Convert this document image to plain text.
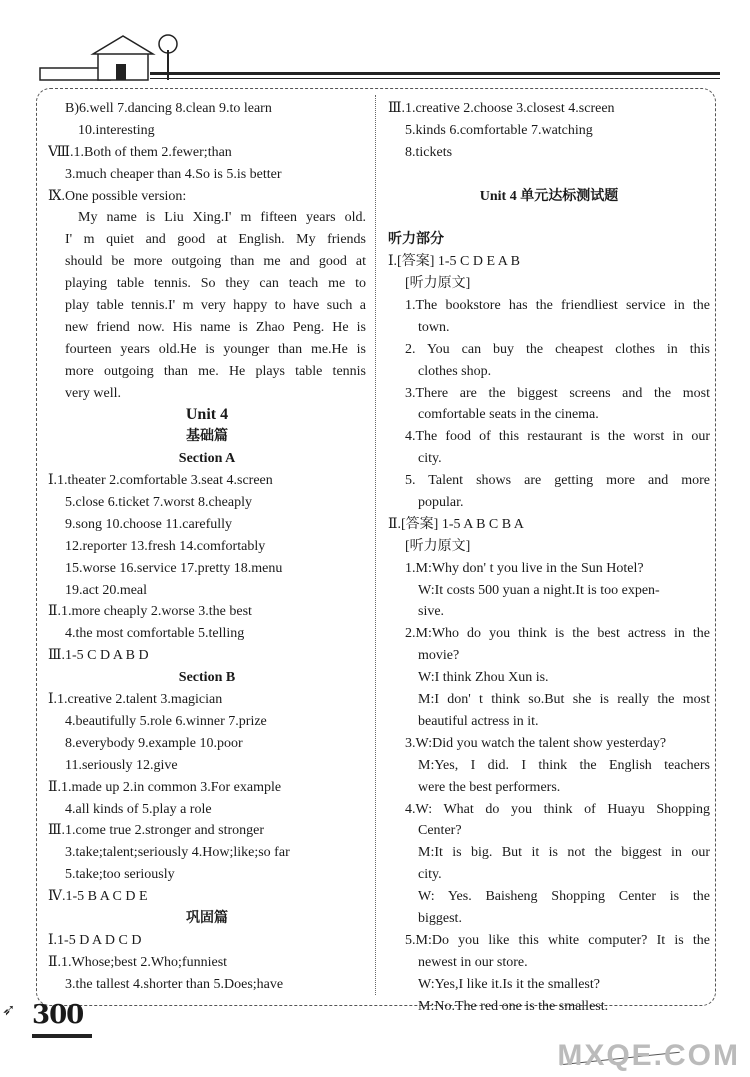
B)6.well 7.dancing 8.clean 9.to learn
10.interesting
Ⅷ.1.Both of them 2.fewer;than
3.much cheaper than 4.So is 5.is better
Ⅸ.One possible version:
My name is Liu Xing.I' m fifteen years old.
I' m quiet and good at English. My friends
should be more outgoing than me and good at
playing table tennis. So they can teach me to
play table tennis.I' m very happy to have such a
new friend now. His name is Zhao Peng. He is
fourteen years old.He is younger than me.He is
more outgoing than me. He plays table tennis
very well.
Unit 4
基础篇
Section A
Ⅰ.1.theater 2.comfortable 3.seat 4.screen
5.close 6.ticket 7.worst 8.cheaply
9.song 10.choose 11.carefully
12.reporter 13.fresh 14.comfortably
15.worse 16.service 17.pretty 18.menu
19.act 20.meal
Ⅱ.1.more cheaply 2.worse 3.the best
4.the most comfortable 5.telling
Ⅲ.1-5 C D A B D
Section B
Ⅰ.1.creative 2.talent 3.magician
4.beautifully 5.role 6.winner 7.prize
8.everybody 9.example 10.poor
11.seriously 12.give
Ⅱ.1.made up 2.in common 3.For example
4.all kinds of 5.play a role
Ⅲ.1.come true 2.stronger and stronger
3.take;talent;seriously 4.How;like;so far
5.take;too seriously
Ⅳ.1-5 B A C D E
巩固篇
Ⅰ.1-5 D A D C D
Ⅱ.1.Whose;best 2.Who;funniest
3.the tallest 4.shorter than 5.Does;have
Ⅲ.1.creative 2.choose 3.closest 4.screen
5.kinds 6.comfortable 7.watching
8.tickets
Unit 4 单元达标测试题
听力部分
Ⅰ.[答案] 1-5 C D E A B
[听力原文]
1.The bookstore has the friendliest service in the
town.
2. You can buy the cheapest clothes in this
clothes shop.
3.There are the biggest screens and the most
comfortable seats in the cinema.
4.The food of this restaurant is the worst in our
city.
5. Talent shows are getting more and more
popular.
Ⅱ.[答案] 1-5 A B C B A
[听力原文]
1.M:Why don' t you live in the Sun Hotel?
W:It costs 500 yuan a night.It is too expen-
sive.
2.M:Who do you think is the best actress in the
movie?
W:I think Zhou Xun is.
M:I don' t think so.But she is really the most
beautiful actress in it.
3.W:Did you watch the talent show yesterday?
M:Yes, I did. I think the English teachers
were the best performers.
4.W: What do you think of Huayu Shopping
Center?
M:It is big. But it is not the biggest in our
city.
W: Yes. Baisheng Shopping Center is the
biggest.
5.M:Do you like this white computer? It is the
newest in our store.
W:Yes,I like it.Is it the smallest?
M:No.The red one is the smallest.
➶ 300
MXQE.COM
